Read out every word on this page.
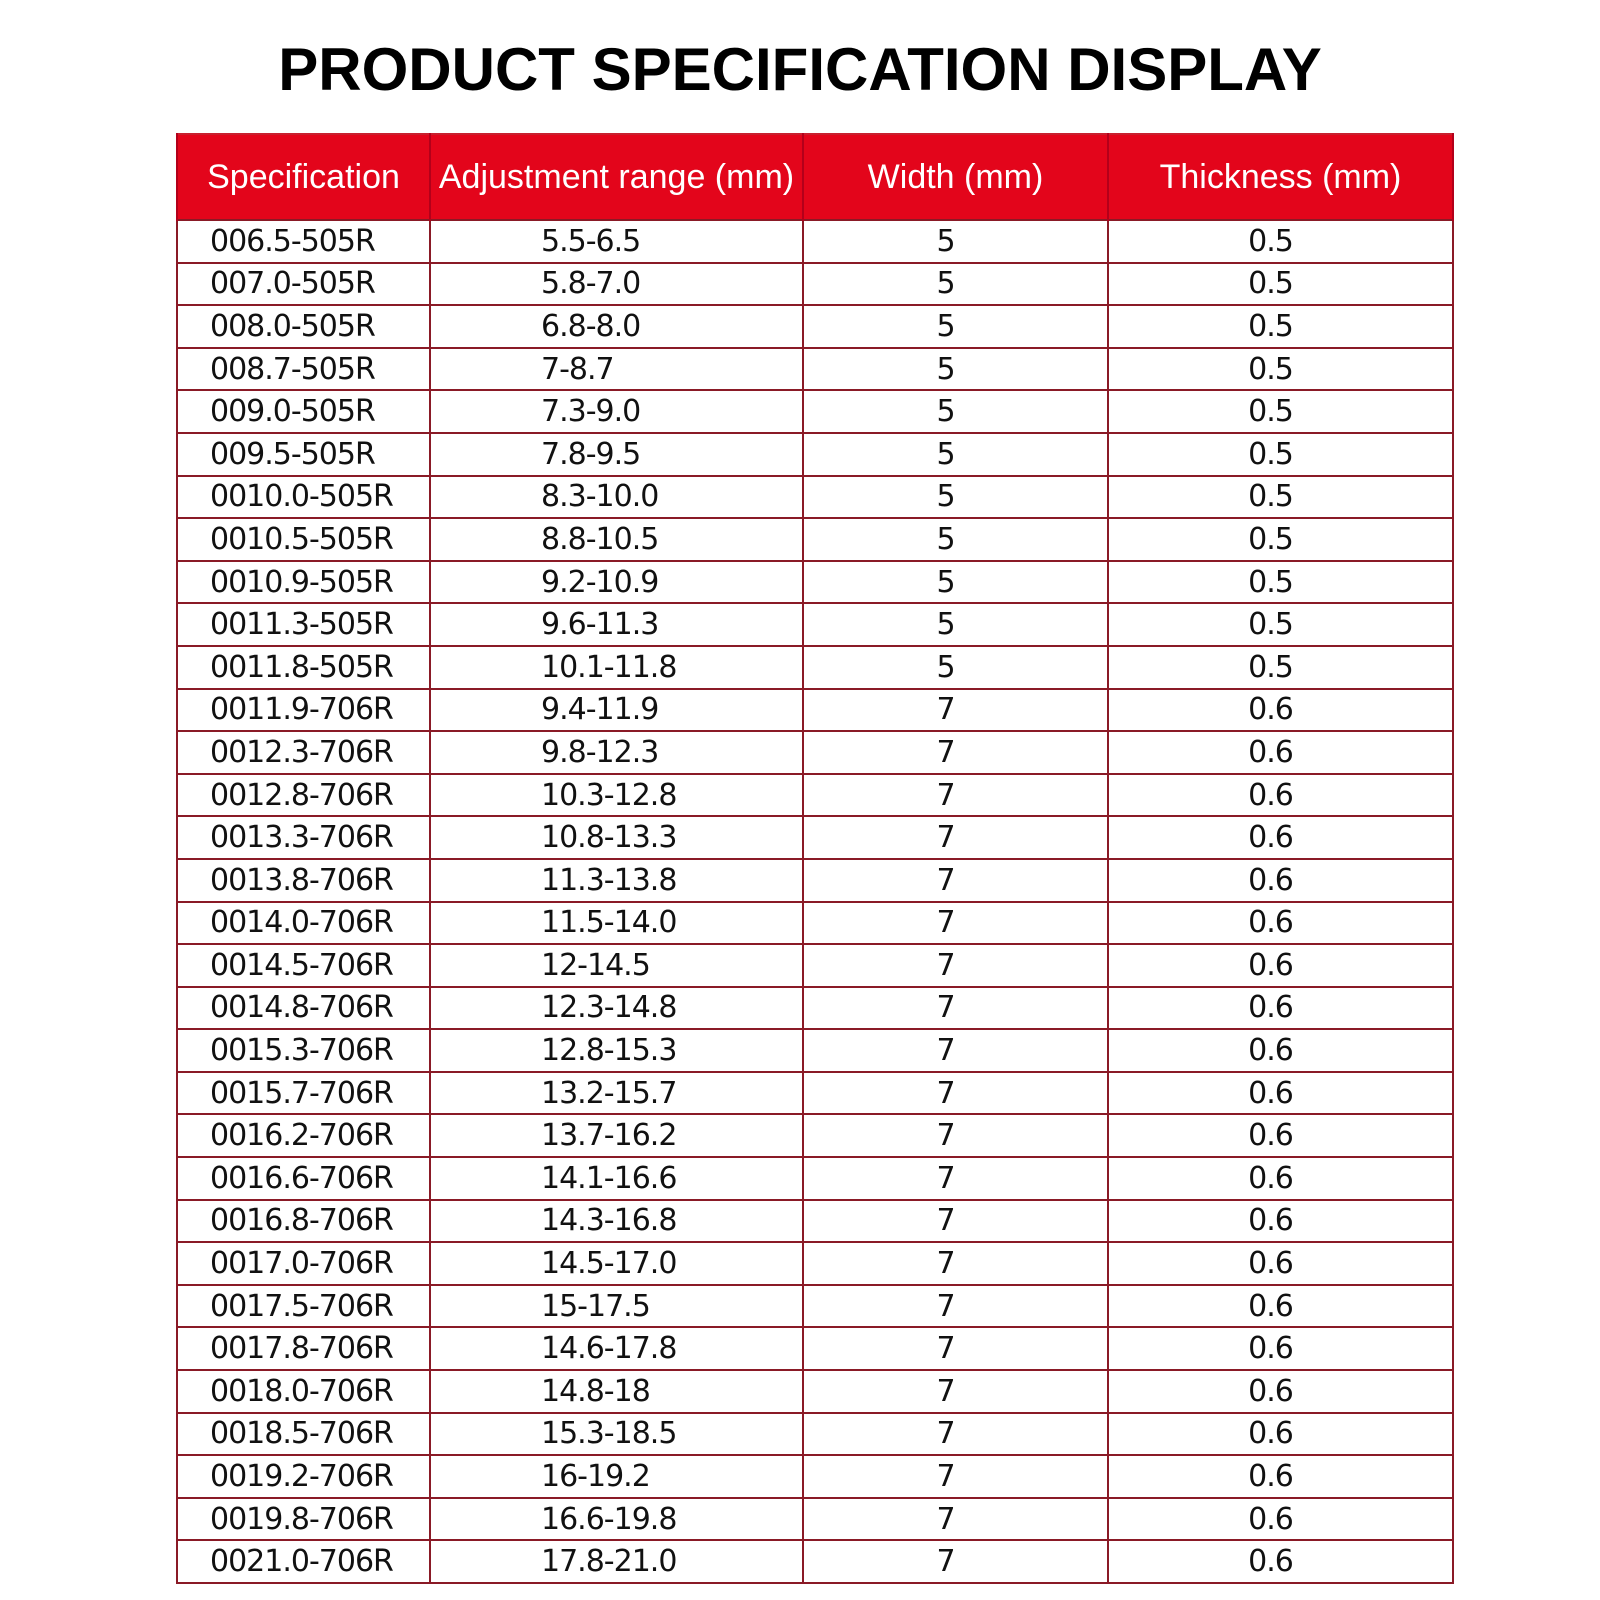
PRODUCT SPECIFICATION DISPLAY
Specification	Adjustment range (mm)	Width (mm)	Thickness (mm)
006.5-505R	5.5-6.5	5	0.5
007.0-505R	5.8-7.0	5	0.5
008.0-505R	6.8-8.0	5	0.5
008.7-505R	7-8.7	5	0.5
009.0-505R	7.3-9.0	5	0.5
009.5-505R	7.8-9.5	5	0.5
0010.0-505R	8.3-10.0	5	0.5
0010.5-505R	8.8-10.5	5	0.5
0010.9-505R	9.2-10.9	5	0.5
0011.3-505R	9.6-11.3	5	0.5
0011.8-505R	10.1-11.8	5	0.5
0011.9-706R	9.4-11.9	7	0.6
0012.3-706R	9.8-12.3	7	0.6
0012.8-706R	10.3-12.8	7	0.6
0013.3-706R	10.8-13.3	7	0.6
0013.8-706R	11.3-13.8	7	0.6
0014.0-706R	11.5-14.0	7	0.6
0014.5-706R	12-14.5	7	0.6
0014.8-706R	12.3-14.8	7	0.6
0015.3-706R	12.8-15.3	7	0.6
0015.7-706R	13.2-15.7	7	0.6
0016.2-706R	13.7-16.2	7	0.6
0016.6-706R	14.1-16.6	7	0.6
0016.8-706R	14.3-16.8	7	0.6
0017.0-706R	14.5-17.0	7	0.6
0017.5-706R	15-17.5	7	0.6
0017.8-706R	14.6-17.8	7	0.6
0018.0-706R	14.8-18	7	0.6
0018.5-706R	15.3-18.5	7	0.6
0019.2-706R	16-19.2	7	0.6
0019.8-706R	16.6-19.8	7	0.6
0021.0-706R	17.8-21.0	7	0.6
